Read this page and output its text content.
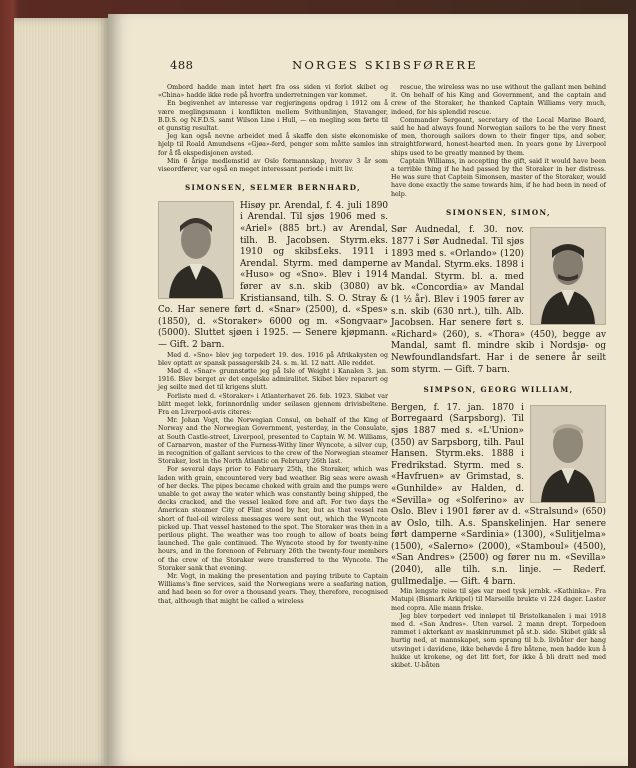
488	NORGES SKIBSFØRERE

Ombord hadde man intet hørt fra oss siden vi forlot skibet og «China» hadde ikke rede på hvorfra underretningen var kommet.

En begivenhet av interesse var regjeringens opdrag i 1912 om å være meglingsmann i konflikten mellem Svithunlinjen, Stavanger, B.D.S. og N.F.D.S. samt Wilson Line i Hull, — en megling som førte til et gunstig resultat.

Jeg kan også nevne arbeidet med å skaffe den siste økonomiske hjelp til Roald Amundsens «Gjøa»-ferd, penger som måtte samles inn for å få ekspedisjonen avsted.

Min 6 årige medlemstid av Oslo formannskap, hvorav 3 år som viseordfører, var også en meget interessant periode i mitt liv.

SIMONSEN, SELMER BERNHARD,

Hisøy pr. Arendal, f. 4. juli 1890 i Arendal. Til sjøs 1906 med s. «Ariel» (885 brt.) av Arendal, tilh. B. Jacobsen. Styrm.eks. 1910 og skibsf.eks. 1911 i Arendal. Styrm. med damperne «Huso» og «Sno». Blev i 1914 fører av s.n. skib (3080) av Kristiansand, tilh. S. O. Stray & Co. Har senere ført d. «Snar» (2500), d. «Spes» (1850), d. «Storaker» 6000 og m. «Songvaar» (5000). Sluttet sjøen i 1925. — Senere kjøpmann. — Gift. 2 barn.

Med d. «Sno» blev jeg torpedert 19. des. 1916 på Afrikakysten og blev optatt av spansk passagerskib 24. s. m. kl. 12 natt. Alle reddet.

Med d. «Snar» grunnstøtte jeg på Isle of Weight i Kanalen 3. jan. 1916. Blev berget av det engelske admiralitet. Skibet blev reparert og jeg seilte med det til krigens slutt.

Forliste med d. «Storaker» i Atlanterhavet 26. feb. 1923. Skibet var blitt meget lekk, forinnordnlig under seilasen gjennem drivisbeltene. Fra en Liverpool-avis citeres:

Mr. Johan Vogt, the Norwegian Consul, on behalf of the King of Norway and the Norwegian Government, yesterday, in the Consulate, at South Castle-street, Liverpool, presented to Captain W. M. Williams, of Carnarvon, master of the Furness-Withy liner Wyncote, a silver cup, in recognition of gallant services to the crew of the Norwegian steamer Storaker, lost in the North Atlantic on February 26th last.

For several days prior to February 25th, the Storaker, which was laden with grain, encountered very bad weather. Big seas were awash of her decks. The pipes became choked with grain and the pumps were unable to get away the water which was constantly being shipped, the decks cracked, and the vessel leaked fore and aft. For two days the American steamer City of Flint stood by her, but as that vessel ran short of fuel-oil wireless messages were sent out, which the Wyncote picked up. That vessel hastened to the spot. The Storaker was then in a perilous plight. The weather was too rough to allow of boats being launched. The gale continued. The Wyncote stood by for twenty-nine hours, and in the forenoon of February 26th the twenty-four members of the crew of the Storaker were transferred to the Wyncote. The Storaker sank that evening.

Mr. Vogt, in making the presentation and paying tribute to Captain Williams's fine services, said the Norwegians were a seafaring nation, and had been so for over a thousand years. They, therefore, recognised that, although that might be called a wireless

rescue, the wireless was no use without the gallant men behind it. On behalf of his King and Government, and the captain and crew of the Storaker, he thanked Captain Williams very much, indeed, for his splendid rescue.

Commander Sergeant, secretary of the Local Marine Board, said he had always found Norwegian sailors to be the very finest of men, thorough sailors down to their finger tips, and sober, straightforward, honest-hearted men. In years gone by Liverpool ships used to be greatly manned by them.

Captain Williams, in accepting the gift, said it would have been a terrible thing if he had passed by the Storaker in her distress. He was sure that Captein Simonsen, master of the Storaker, would have done exactly the same towards him, if he had been in need of help.

SIMONSEN, SIMON,

Sør Audnedal, f. 30. nov. 1877 i Sør Audnedal. Til sjøs 1893 med s. «Orlando» (120) av Mandal. Styrm.eks. 1898 i Mandal. Styrm. bl. a. med bk. «Concordia» av Mandal (1 ½ år). Blev i 1905 fører av s.n. skib (630 nrt.), tilh. Alb. Jacobsen. Har senere ført s. «Richard» (260), s. «Thora» (450), begge av Mandal, samt fl. mindre skib i Nordsjø- og Newfoundlandsfart. Har i de senere år seilt som styrm. — Gift. 7 barn.

SIMPSON, GEORG WILLIAM,

Bergen, f. 17. jan. 1870 i Borregaard (Sarpsborg). Til sjøs 1887 med s. «L'Union» (350) av Sarpsborg, tilh. Paul Hansen. Styrm.eks. 1888 i Fredrikstad. Styrm. med s. «Havfruen» av Grimstad, s. «Gunhilde» av Halden, d. «Sevilla» og «Solferino» av Oslo. Blev i 1901 fører av d. «Stralsund» (650) av Oslo, tilh. A.s. Spanskelinjen. Har senere ført damperne «Sardinia» (1300), «Sulitjelma» (1500), «Salerno» (2000), «Stamboul» (4500), «San Andres» (2500) og fører nu m. «Sevilla» (2040), alle tilh. s.n. linje. — Rederf. gullmedalje. — Gift. 4 barn.

Min lengste reise til sjøs var med tysk jernbk. «Kathinka». Fra Matupi (Bismark Arkipel) til Marseille brukte vi 224 dager. Laster med copra. Alle mann friske.

Jeg blev torpedert ved innløpet til Bristolkanalen i mai 1918 med d. «San Andres». Uten varsel. 2 mann drept. Torpedoen rammet i akterkant av maskinrummet på st.b. side. Skibet gikk så hurtig ned, at mannskapet, som sprang til b.b. livbåter der hang utsvinget i davidene, ikke behøvde å fire båtene, men hadde kun å hukke ut krokene, og det litt fort, for ikke å bli dratt ned med skibet. U-båten
